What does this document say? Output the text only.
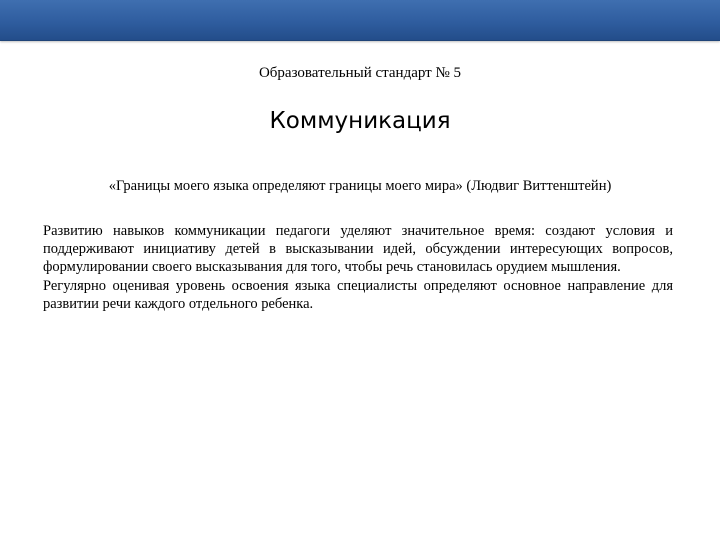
Образовательный стандарт № 5
Коммуникация
«Границы моего языка определяют границы моего мира» (Людвиг Виттенштейн)

Развитию навыков коммуникации педагоги уделяют значительное время: создают условия и поддерживают инициативу детей в высказывании идей, обсуждении интересующих вопросов, формулировании своего высказывания для того, чтобы речь становилась орудием мышления.

Регулярно оценивая уровень освоения языка специалисты определяют основное направление для развитии речи каждого отдельного ребенка.
